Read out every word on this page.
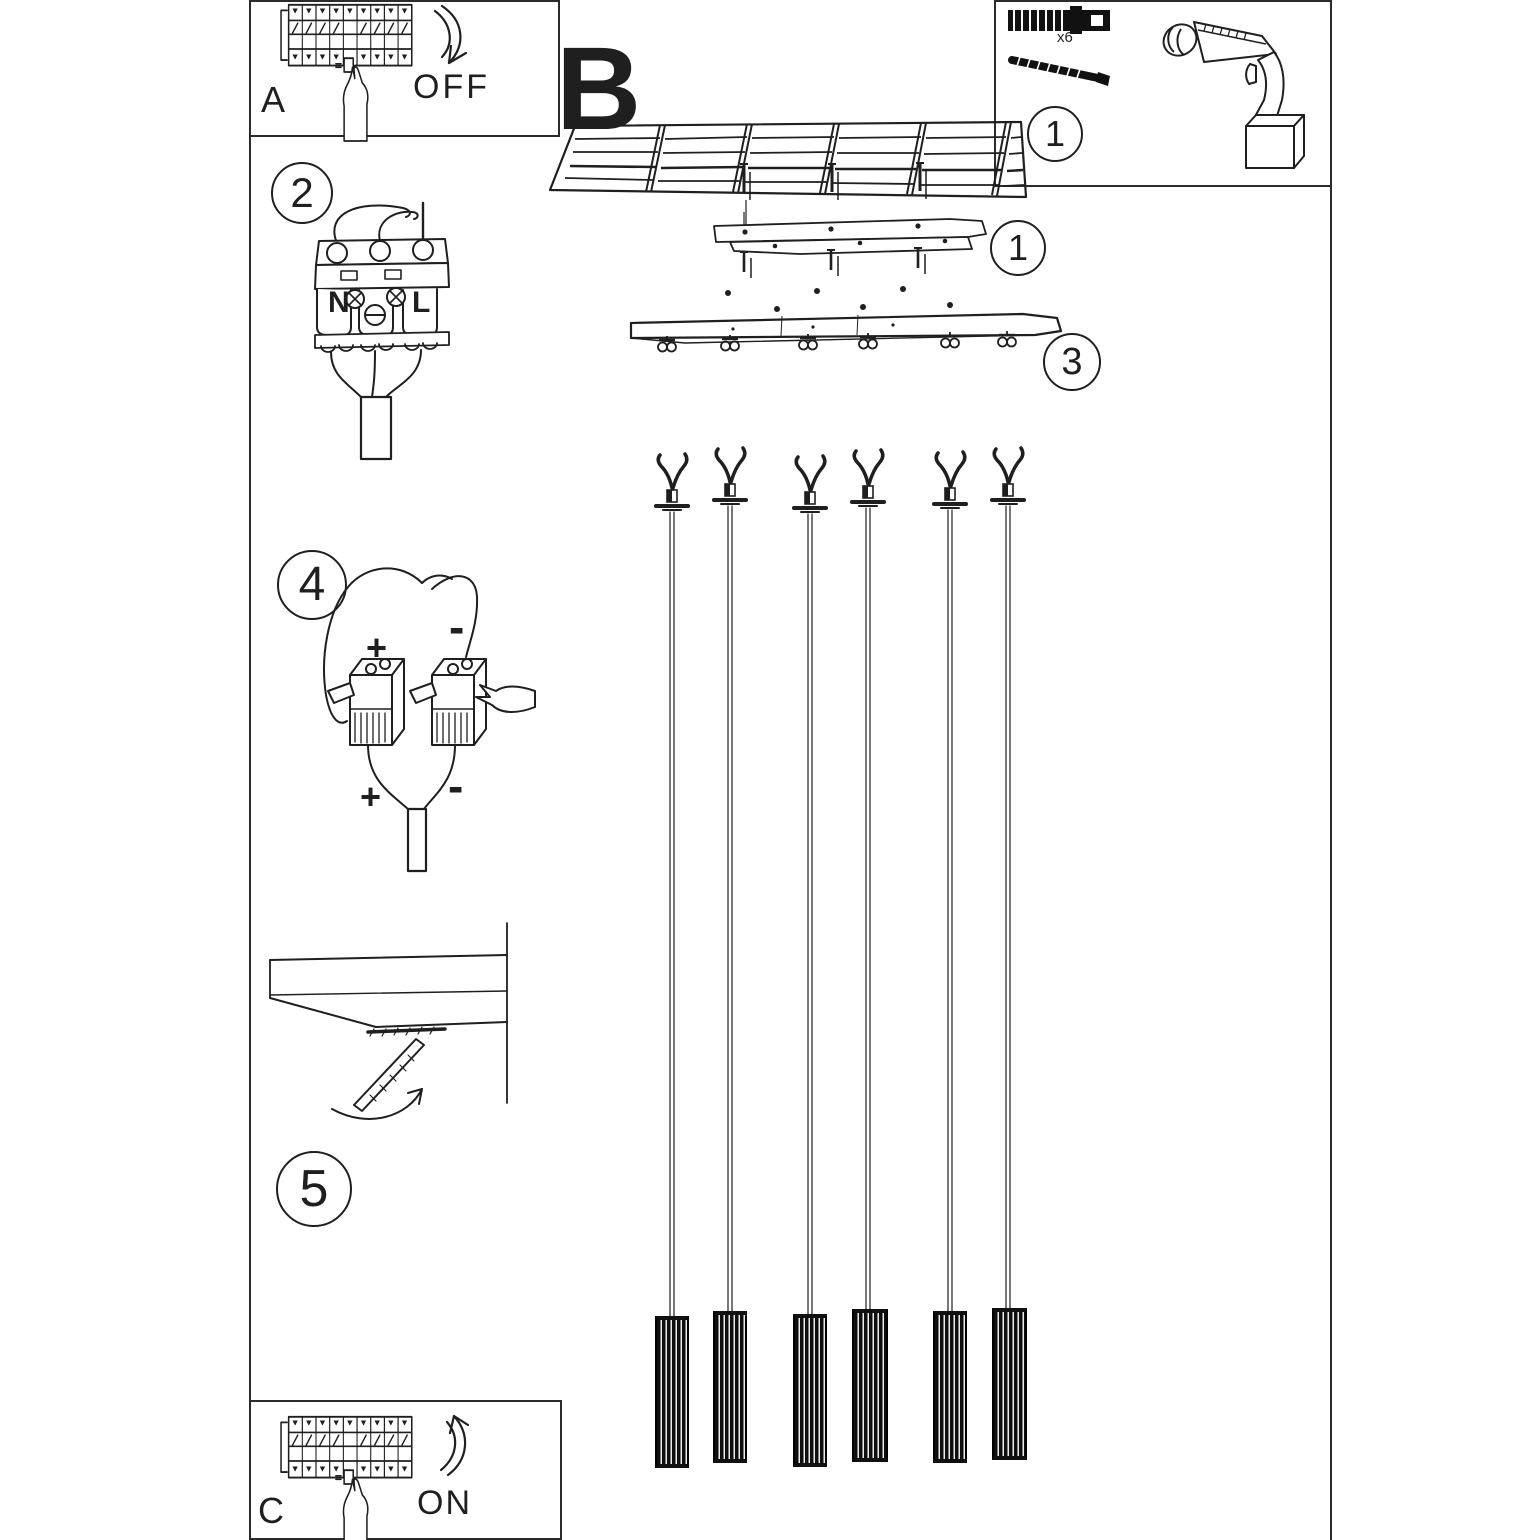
A	OFF
x6
1
B
1
3
2
N L
4
+ -
+ -
5
C	ON
